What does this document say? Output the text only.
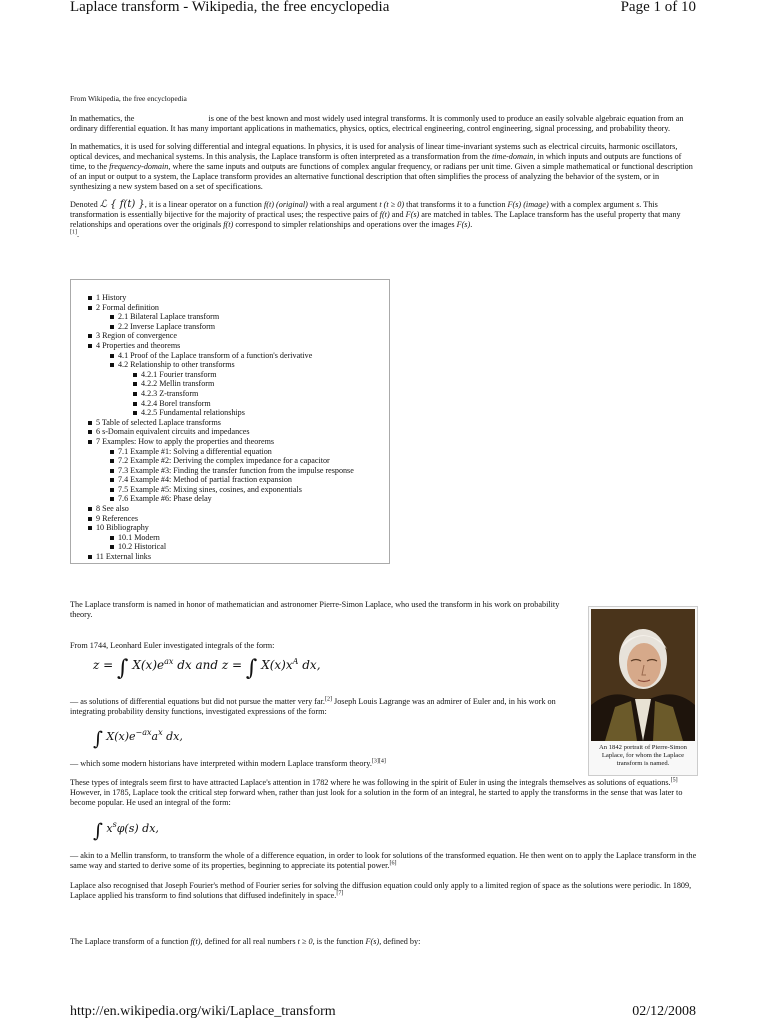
Laplace transform - Wikipedia, the free encyclopedia	Page 1 of 10

From Wikipedia, the free encyclopedia

In mathematics, the	is one of the best known and most widely used integral transforms. It is commonly used to produce an easily solvable algebraic equation from an ordinary differential equation. It has many important applications in mathematics, physics, optics, electrical engineering, control engineering, signal processing, and probability theory.

In mathematics, it is used for solving differential and integral equations. In physics, it is used for analysis of linear time-invariant systems such as electrical circuits, harmonic oscillators, optical devices, and mechanical systems. In this analysis, the Laplace transform is often interpreted as a transformation from the time-domain, in which inputs and outputs are functions of time, to the frequency-domain, where the same inputs and outputs are functions of complex angular frequency, or radians per unit time. Given a simple mathematical or functional description of an input or output to a system, the Laplace transform provides an alternative functional description that often simplifies the process of analyzing the behavior of the system, or in synthesizing a new system based on a set of specifications.

Denoted ℒ { f(t) }, it is a linear operator on a function f(t) (original) with a real argument t (t ≥ 0) that transforms it to a function F(s) (image) with a complex argument s. This transformation is essentially bijective for the majority of practical uses; the respective pairs of f(t) and F(s) are matched in tables. The Laplace transform has the useful property that many relationships and operations over the originals f(t) correspond to simpler relationships and operations over the images F(s).
[1].

1 History
2 Formal definition
2.1 Bilateral Laplace transform
2.2 Inverse Laplace transform
3 Region of convergence
4 Properties and theorems
4.1 Proof of the Laplace transform of a function's derivative
4.2 Relationship to other transforms
4.2.1 Fourier transform
4.2.2 Mellin transform
4.2.3 Z-transform
4.2.4 Borel transform
4.2.5 Fundamental relationships
5 Table of selected Laplace transforms
6 s-Domain equivalent circuits and impedances
7 Examples: How to apply the properties and theorems
7.1 Example #1: Solving a differential equation
7.2 Example #2: Deriving the complex impedance for a capacitor
7.3 Example #3: Finding the transfer function from the impulse response
7.4 Example #4: Method of partial fraction expansion
7.5 Example #5: Mixing sines, cosines, and exponentials
7.6 Example #6: Phase delay
8 See also
9 References
10 Bibliography
10.1 Modern
10.2 Historical
11 External links

The Laplace transform is named in honor of mathematician and astronomer Pierre-Simon Laplace, who used the transform in his work on probability theory.

From 1744, Leonhard Euler investigated integrals of the form:

— as solutions of differential equations but did not pursue the matter very far.[2] Joseph Louis Lagrange was an admirer of Euler and, in his work on integrating probability density functions, investigated expressions of the form:

— which some modern historians have interpreted within modern Laplace transform theory.[3][4]

These types of integrals seem first to have attracted Laplace's attention in 1782 where he was following in the spirit of Euler in using the integrals themselves as solutions of equations.[5] However, in 1785, Laplace took the critical step forward when, rather than just look for a solution in the form of an integral, he started to apply the transforms in the sense that was later to become popular. He used an integral of the form:

— akin to a Mellin transform, to transform the whole of a difference equation, in order to look for solutions of the transformed equation. He then went on to apply the Laplace transform in the same way and started to derive some of its properties, beginning to appreciate its potential power.[6]

Laplace also recognised that Joseph Fourier's method of Fourier series for solving the diffusion equation could only apply to a limited region of space as the solutions were periodic. In 1809, Laplace applied his transform to find solutions that diffused indefinitely in space.[7]

The Laplace transform of a function f(t), defined for all real numbers t ≥ 0, is the function F(s), defined by:

z = ∫ $X(x)e^{ax}$ dx and z = ∫ $X(x)x^A$ dx,
∫ $X(x)e^{-ax}a^x$ dx,
∫ $x^s\varphi(s)$ dx,
An 1842 portrait of Pierre-Simon Laplace, for whom the Laplace transform is named.
http://en.wikipedia.org/wiki/Laplace_transform	02/12/2008
